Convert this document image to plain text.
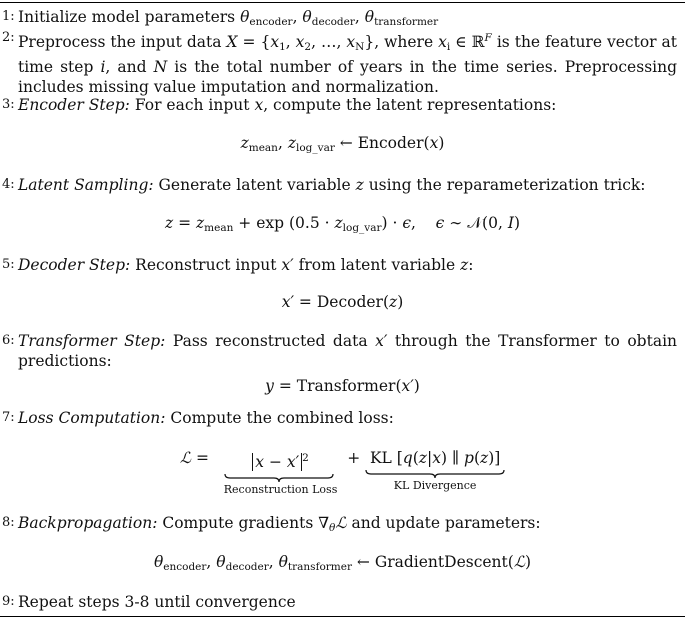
1: Initialize model parameters $\theta_{encoder}$, $\theta_{decoder}$, $\theta_{transformer}$
2: Preprocess the input data $X = \{x_1$, $x_2$, …, $x_N$}, where $x_i$ ∈ ℝ$^F$ is the feature vector at time step i, and N is the total number of years in the time series. Preprocessing includes missing value imputation and normalization.
3: Encoder Step: For each input x, compute the latent representations:
$z_{mean}$, $z_{log\_var}$ ← Encoder(x)
4: Latent Sampling: Generate latent variable z using the reparameterization trick:
$z = z_{mean} + \exp (0.5 \cdot z_{log\_var}) \cdot \epsilon$,    ϵ ∼ 𝒩(0, I)
5: Decoder Step: Reconstruct input x′ from latent variable z:
x′ = Decoder(z)
6: Transformer Step: Pass reconstructed data x′ through the Transformer to obtain predictions:
y = Transformer(x′)
7: Loss Computation: Compute the combined loss:
ℒ =	x − x′ $^2$
Reconstruction Loss
+ KL [q(z|x) ∥ p(z)]
KL Divergence
8: Backpropagation: Compute gradients $\nabla_\theta ℒ$ and update parameters:
$\theta_{encoder}$, $\theta_{decoder}$, $\theta_{transformer}$ ← GradientDescent(ℒ)
9: Repeat steps 3-8 until convergence
